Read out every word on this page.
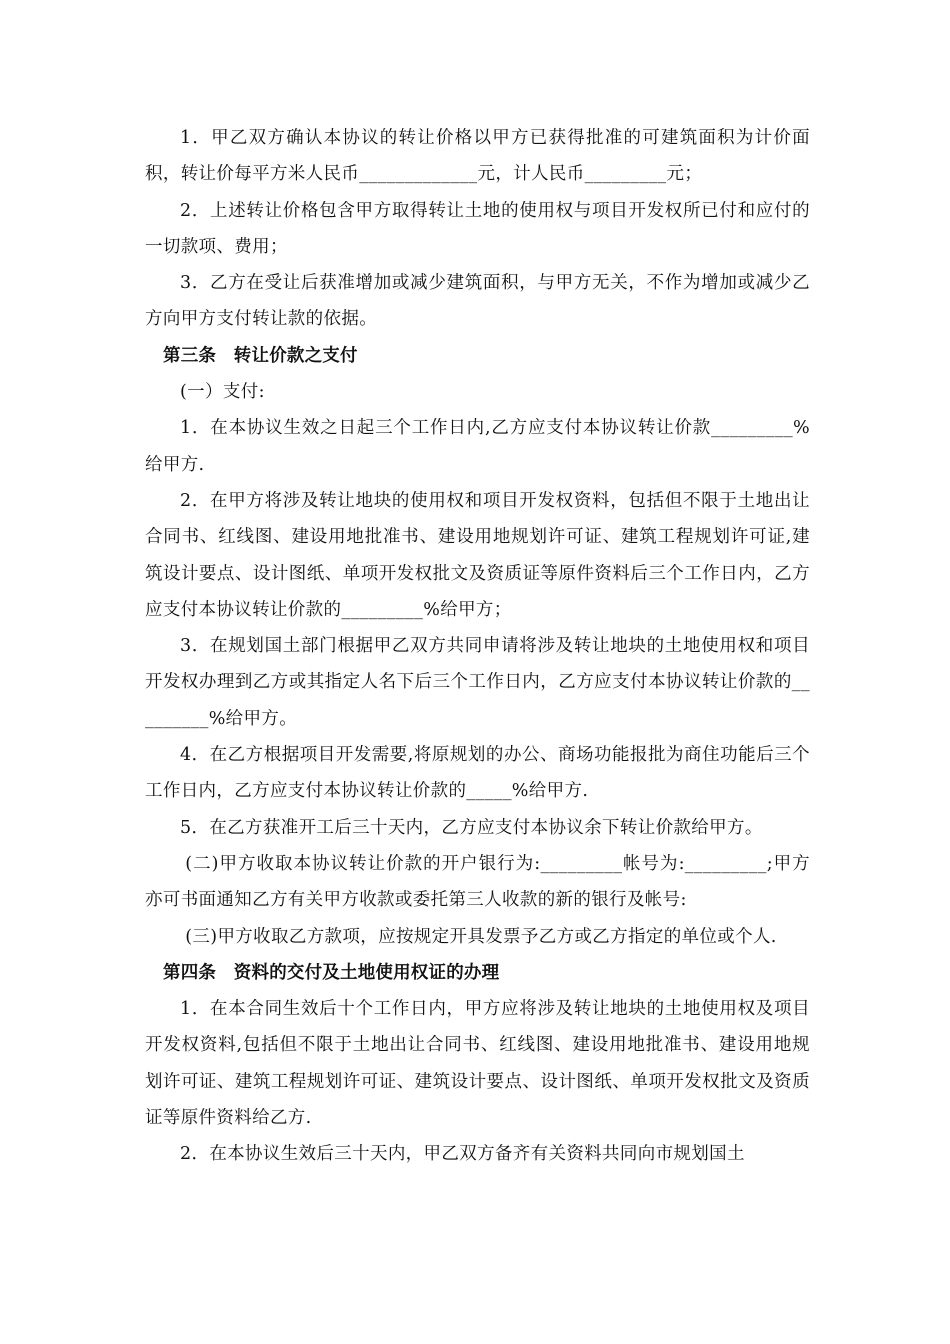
1．甲乙双方确认本协议的转让价格以甲方已获得批准的可建筑面积为计价面积，转让价每平方米人民币_____________元，计人民币_________元；

2．上述转让价格包含甲方取得转让土地的使用权与项目开发权所已付和应付的一切款项、费用；

3．乙方在受让后获准增加或减少建筑面积，与甲方无关，不作为增加或减少乙方向甲方支付转让款的依据。

第三条　转让价款之支付

(一）支付:

1．在本协议生效之日起三个工作日内,乙方应支付本协议转让价款_________%给甲方.

2．在甲方将涉及转让地块的使用权和项目开发权资料，包括但不限于土地出让合同书、红线图、建设用地批准书、建设用地规划许可证、建筑工程规划许可证,建筑设计要点、设计图纸、单项开发权批文及资质证等原件资料后三个工作日内，乙方应支付本协议转让价款的_________%给甲方；

3．在规划国土部门根据甲乙双方共同申请将涉及转让地块的土地使用权和项目开发权办理到乙方或其指定人名下后三个工作日内，乙方应支付本协议转让价款的_________%给甲方。

4．在乙方根据项目开发需要,将原规划的办公、商场功能报批为商住功能后三个工作日内，乙方应支付本协议转让价款的_____%给甲方.

5．在乙方获准开工后三十天内，乙方应支付本协议余下转让价款给甲方。

(二)甲方收取本协议转让价款的开户银行为:_________帐号为:_________;甲方亦可书面通知乙方有关甲方收款或委托第三人收款的新的银行及帐号:

(三)甲方收取乙方款项，应按规定开具发票予乙方或乙方指定的单位或个人.

第四条　资料的交付及土地使用权证的办理

1．在本合同生效后十个工作日内，甲方应将涉及转让地块的土地使用权及项目开发权资料,包括但不限于土地出让合同书、红线图、建设用地批准书、建设用地规划许可证、建筑工程规划许可证、建筑设计要点、设计图纸、单项开发权批文及资质证等原件资料给乙方.

2．在本协议生效后三十天内，甲乙双方备齐有关资料共同向市规划国土
